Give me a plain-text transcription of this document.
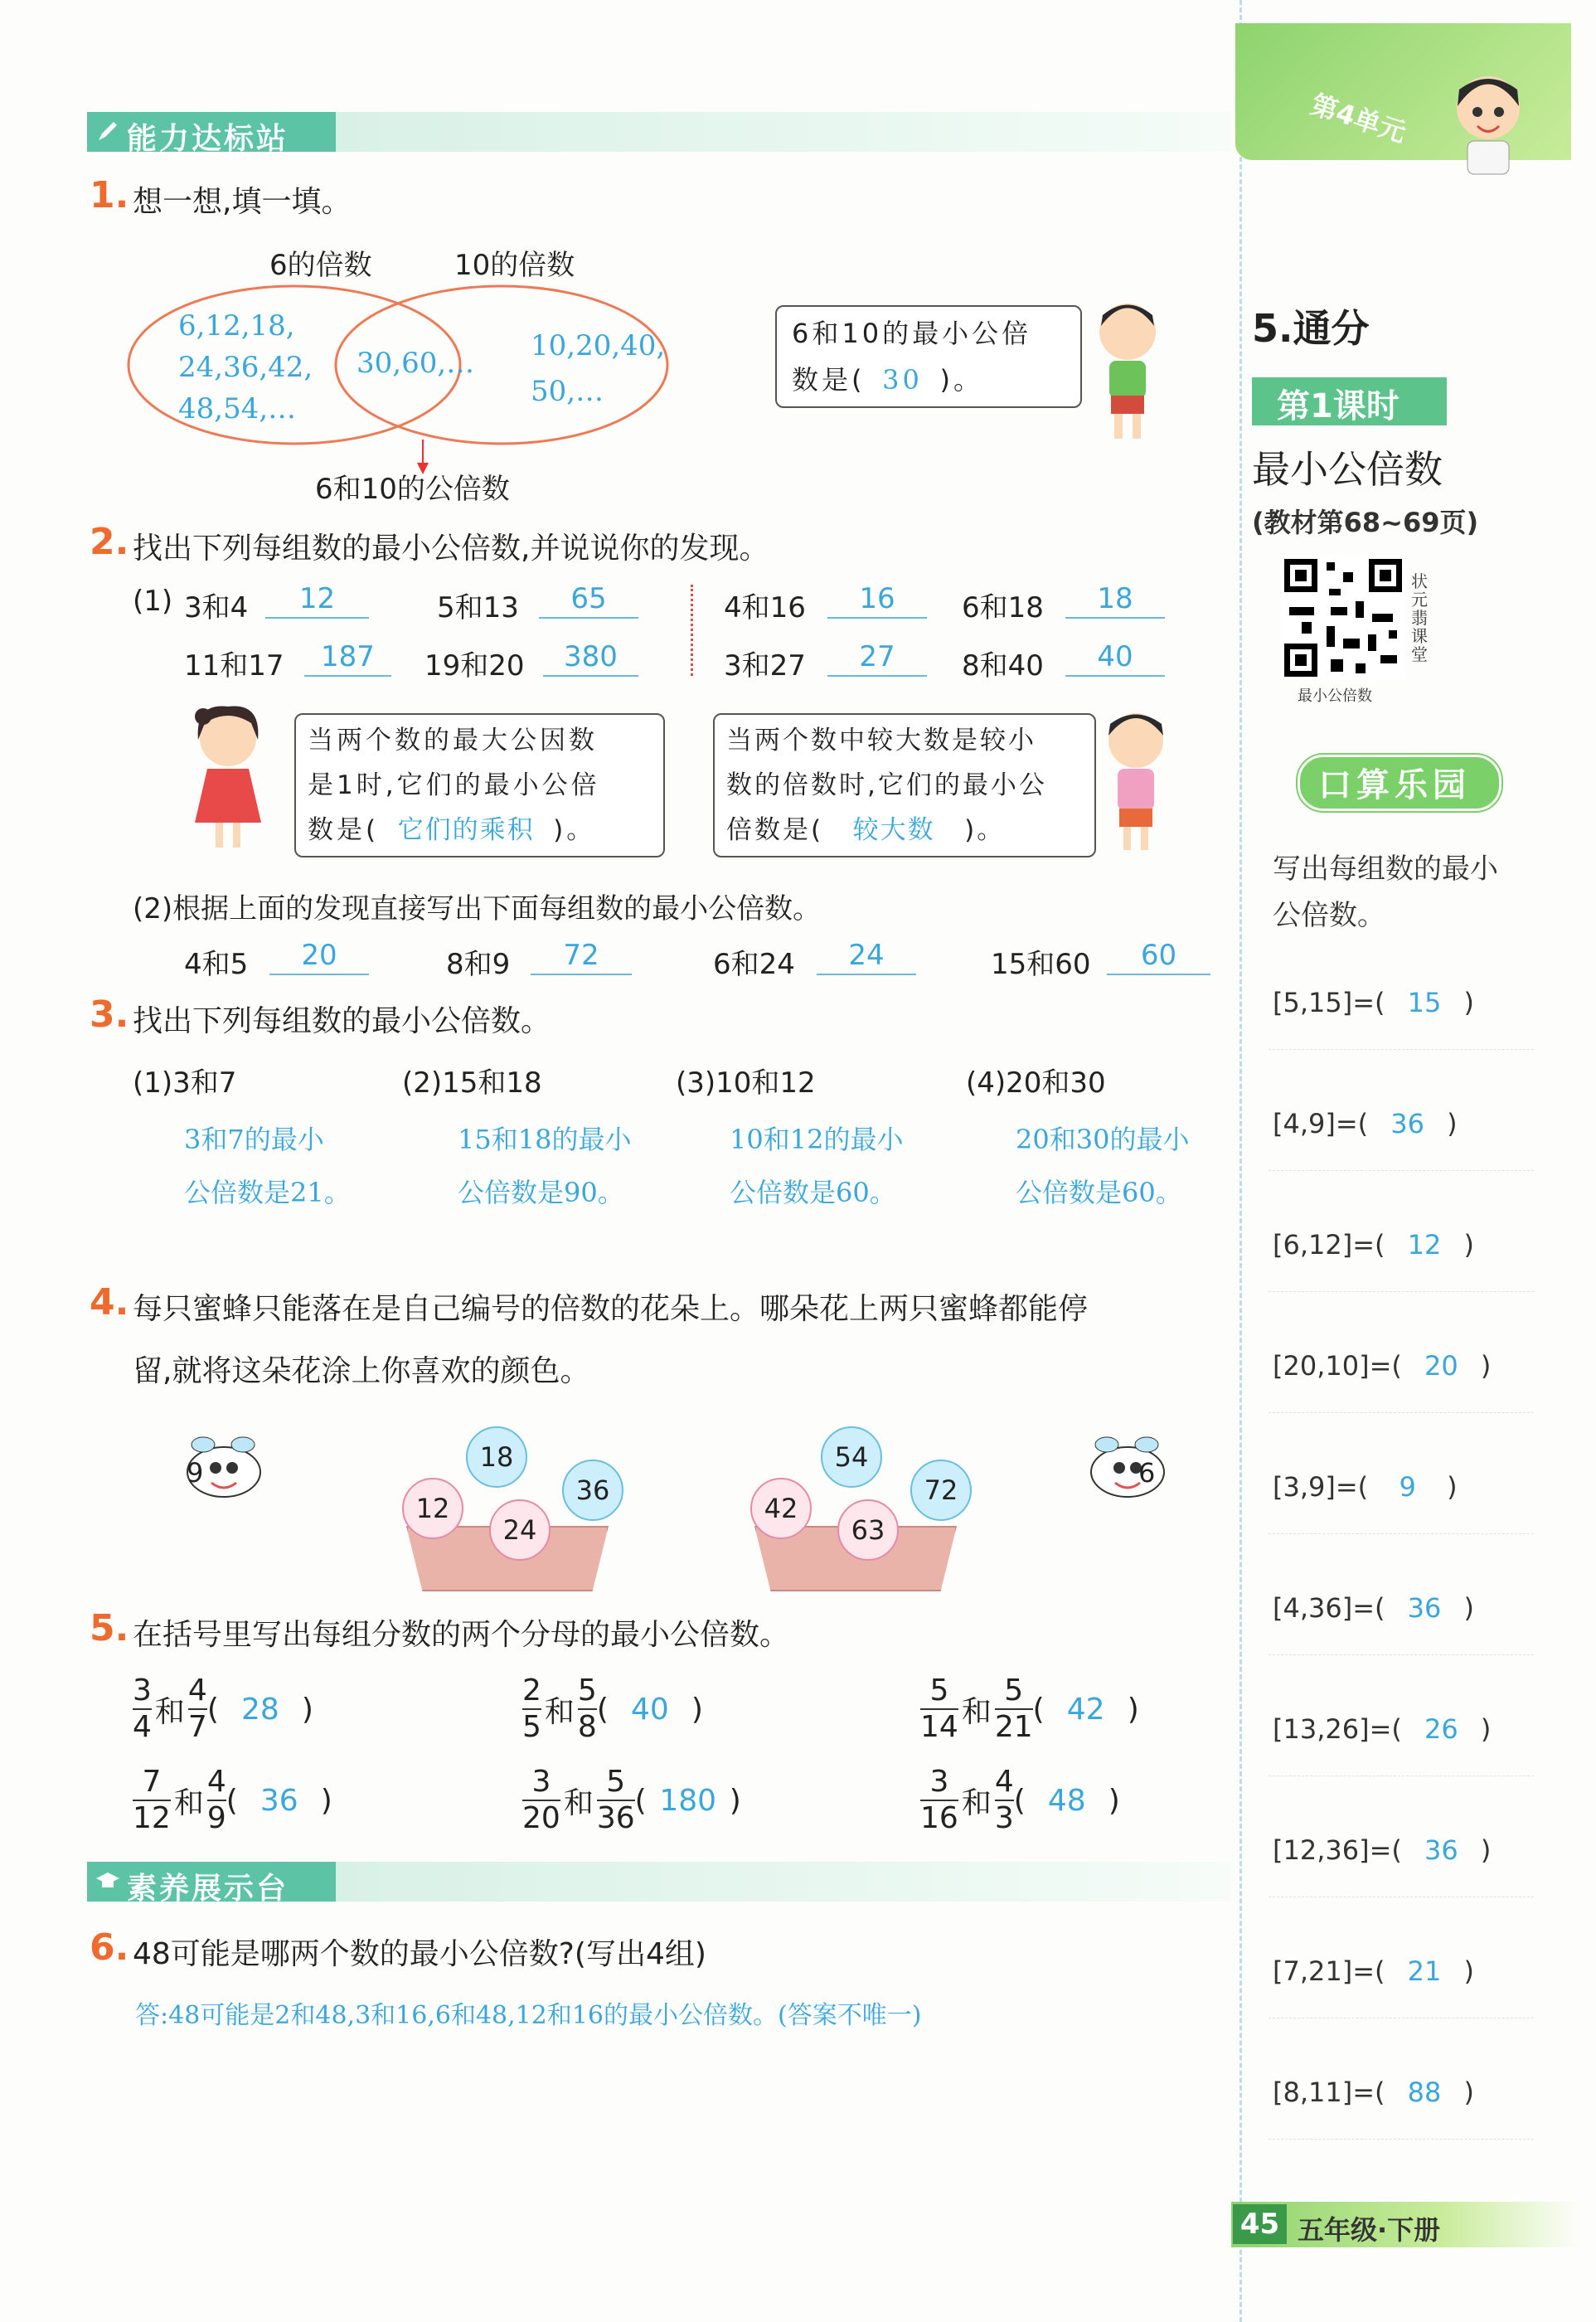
能力达标站
1. 想一想,填一填。
6的倍数	10的倍数
6,12,18,
24,36,42,
48,54,…
30,60,…
10,20,40,
50,…
6和10的公倍数
6和10的最小公倍
数是( 30 )。
2. 找出下列每组数的最小公倍数,并说说你的发现。
(1) 3和4	12	5和13	65	4和16	16	6和18	18
11和17	187	19和20	380	3和27	27	8和40	40
当两个数的最大公因数
是1时,它们的最小公倍
数是( 它们的乘积 )。
当两个数中较大数是较小
数的倍数时,它们的最小公
倍数是( 较大数 )。
(2)根据上面的发现直接写出下面每组数的最小公倍数。
4和5	20	8和9	72	6和24	24	15和60	60
3. 找出下列每组数的最小公倍数。
(1)3和7	(2)15和18	(3)10和12	(4)20和30
3和7的最小
公倍数是21。
15和18的最小
公倍数是90。
10和12的最小
公倍数是60。
20和30的最小
公倍数是60。
4. 每只蜜蜂只能落在是自己编号的倍数的花朵上。哪朵花上两只蜜蜂都能停
留,就将这朵花涂上你喜欢的颜色。
9	6
18
12
36
24
54
42
72
63
5. 在括号里写出每组分数的两个分母的最小公倍数。
3
4 和
4
7
( 28 )
2
5 和
5
8
( 40 )
5
14 和
5
21
( 42 )
7
12 和
4
9
( 36 )
3
20 和
5
36
( 180 )
3
16 和
4
3
( 48 )
素养展示台
6. 48可能是哪两个数的最小公倍数?(写出4组)
答:48可能是2和48,3和16,6和48,12和16的最小公倍数。(答案不唯一)
第4单元
5.通分
第1课时
最小公倍数
(教材第68~69页)
状元翡课堂
最小公倍数
口算乐园
写出每组数的最小公倍数。
[5,15]=( 15 )
[4,9]=( 36 )
[6,12]=( 12 )
[20,10]=( 20 )
[3,9]=( 9 )
[4,36]=( 36 )
[13,26]=( 26 )
[12,36]=( 36 )
[7,21]=( 21 )
[8,11]=( 88 )
45 五年级·下册
